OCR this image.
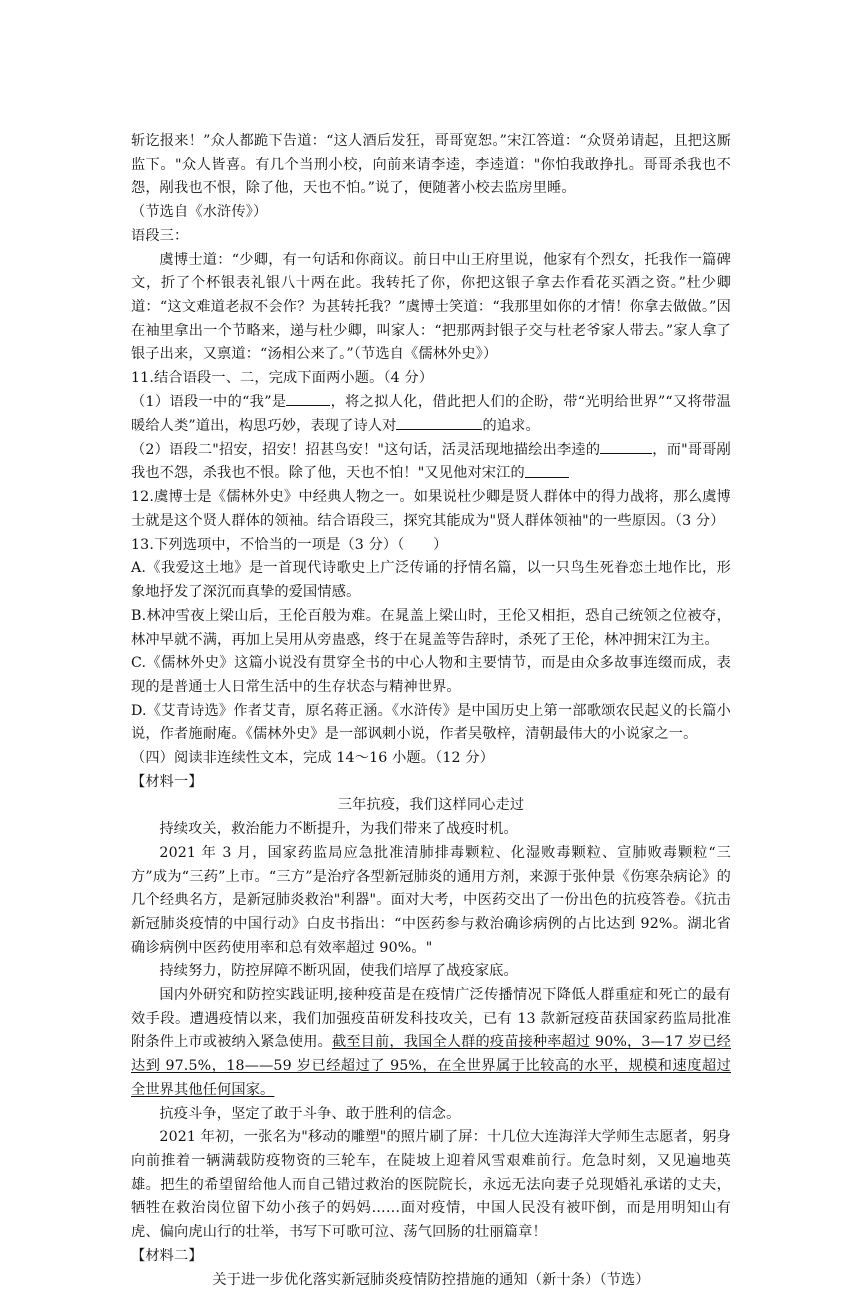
斩讫报来！”众人都跪下告道：“这人酒后发狂，哥哥宽恕。”宋江答道：“众贤弟请起，且把这厮监下。"众人皆喜。有几个当刑小校，向前来请李逵，李逵道："你怕我敢挣扎。哥哥杀我也不怨，剐我也不恨，除了他，天也不怕。”说了，便随著小校去监房里睡。

（节选自《水浒传》）

语段三：

虞博士道：“少卿，有一句话和你商议。前日中山王府里说，他家有个烈女，托我作一篇碑文，折了个杯银表礼银八十两在此。我转托了你，你把这银子拿去作看花买酒之资。”杜少卿道：“这文难道老叔不会作？为甚转托我？”虞博士笑道：“我那里如你的才情！你拿去做做。”因在袖里拿出一个节略来，递与杜少卿，叫家人：“把那两封银子交与杜老爷家人带去。”家人拿了银子出来，又禀道：“汤相公来了。”（节选自《儒林外史》）

11.结合语段一、二，完成下面两小题。（4 分）

（1）语段一中的“我”是	，将之拟人化，借此把人们的企盼，带“光明给世界”“又将带温暖给人类”道出，构思巧妙，表现了诗人对	的追求。

（2）语段二"招安，招安！招甚鸟安！"这句话，活灵活现地描绘出李逵的	，而"哥哥剐我也不怨，杀我也不恨。除了他，天也不怕！"又见他对宋江的

12.虞博士是《儒林外史》中经典人物之一。如果说杜少卿是贤人群体中的得力战将，那么虞博士就是这个贤人群体的领袖。结合语段三，探究其能成为"贤人群体领袖"的一些原因。（3 分）

13.下列选项中，不恰当的一项是（3 分）（　　）

A.《我爱这土地》是一首现代诗歌史上广泛传诵的抒情名篇，以一只鸟生死眷恋土地作比，形象地抒发了深沉而真挚的爱国情感。

B.林冲雪夜上梁山后，王伦百般为难。在晁盖上梁山时，王伦又相拒，恐自己统领之位被夺，林冲早就不满，再加上吴用从旁蛊惑，终于在晁盖等告辞时，杀死了王伦，林冲拥宋江为主。

C.《儒林外史》这篇小说没有贯穿全书的中心人物和主要情节，而是由众多故事连缀而成，表现的是普通士人日常生活中的生存状态与精神世界。

D.《艾青诗选》作者艾青，原名蒋正涵。《水浒传》是中国历史上第一部歌颂农民起义的长篇小说，作者施耐庵。《儒林外史》是一部讽刺小说，作者吴敬梓，清朝最伟大的小说家之一。

（四）阅读非连续性文本，完成 14～16 小题。（12 分）

【材料一】

三年抗疫，我们这样同心走过

持续攻关，救治能力不断提升，为我们带来了战疫时机。

2021 年 3 月，国家药监局应急批准清肺排毒颗粒、化湿败毒颗粒、宣肺败毒颗粒“三方”成为“三药”上市。“三方”是治疗各型新冠肺炎的通用方剂，来源于张仲景《伤寒杂病论》的几个经典名方，是新冠肺炎救治"利器"。面对大考，中医药交出了一份出色的抗疫答卷。《抗击新冠肺炎疫情的中国行动》白皮书指出：“中医药参与救治确诊病例的占比达到 92%。湖北省确诊病例中医药使用率和总有效率超过 90%。"

持续努力，防控屏障不断巩固，使我们培厚了战疫家底。

国内外研究和防控实践证明,接种疫苗是在疫情广泛传播情况下降低人群重症和死亡的最有效手段。遭遇疫情以来，我们加强疫苗研发科技攻关，已有 13 款新冠疫苗获国家药监局批准附条件上市或被纳入紧急使用。截至目前，我国全人群的疫苗接种率超过 90%，3—17 岁已经达到 97.5%，18——59 岁已经超过了 95%，在全世界属于比较高的水平，规模和速度超过全世界其他任何国家。

抗疫斗争，坚定了敢于斗争、敢于胜利的信念。

2021 年初，一张名为"移动的雕塑"的照片刷了屏：十几位大连海洋大学师生志愿者，躬身向前推着一辆满载防疫物资的三轮车，在陡坡上迎着风雪艰难前行。危急时刻，又见遍地英雄。把生的希望留给他人而自己错过救治的医院院长，永远无法向妻子兑现婚礼承诺的丈夫，牺牲在救治岗位留下幼小孩子的妈妈……面对疫情，中国人民没有被吓倒，而是用明知山有虎、偏向虎山行的壮举，书写下可歌可泣、荡气回肠的壮丽篇章！

【材料二】

关于进一步优化落实新冠肺炎疫情防控措施的通知（新十条）（节选）
